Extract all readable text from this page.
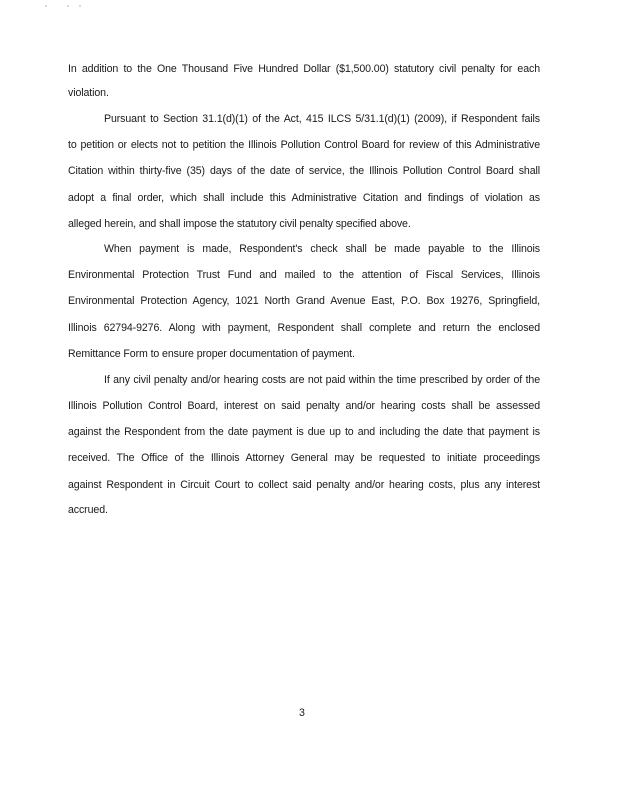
In addition to the One Thousand Five Hundred Dollar ($1,500.00) statutory civil penalty for each
violation.
Pursuant to Section 31.1(d)(1) of the Act, 415 ILCS 5/31.1(d)(1) (2009), if Respondent fails
to petition or elects not to petition the Illinois Pollution Control Board for review of this Administrative
Citation within thirty-five (35) days of the date of service, the Illinois Pollution Control Board shall
adopt a final order, which shall include this Administrative Citation and findings of violation as
alleged herein, and shall impose the statutory civil penalty specified above.
When payment is made, Respondent's check shall be made payable to the Illinois
Environmental Protection Trust Fund and mailed to the attention of Fiscal Services, Illinois
Environmental Protection Agency, 1021 North Grand Avenue East, P.O. Box 19276, Springfield,
Illinois 62794-9276. Along with payment, Respondent shall complete and return the enclosed
Remittance Form to ensure proper documentation of payment.
If any civil penalty and/or hearing costs are not paid within the time prescribed by order of the
Illinois Pollution Control Board, interest on said penalty and/or hearing costs shall be assessed
against the Respondent from the date payment is due up to and including the date that payment is
received. The Office of the Illinois Attorney General may be requested to initiate proceedings
against Respondent in Circuit Court to collect said penalty and/or hearing costs, plus any interest
accrued.
3
